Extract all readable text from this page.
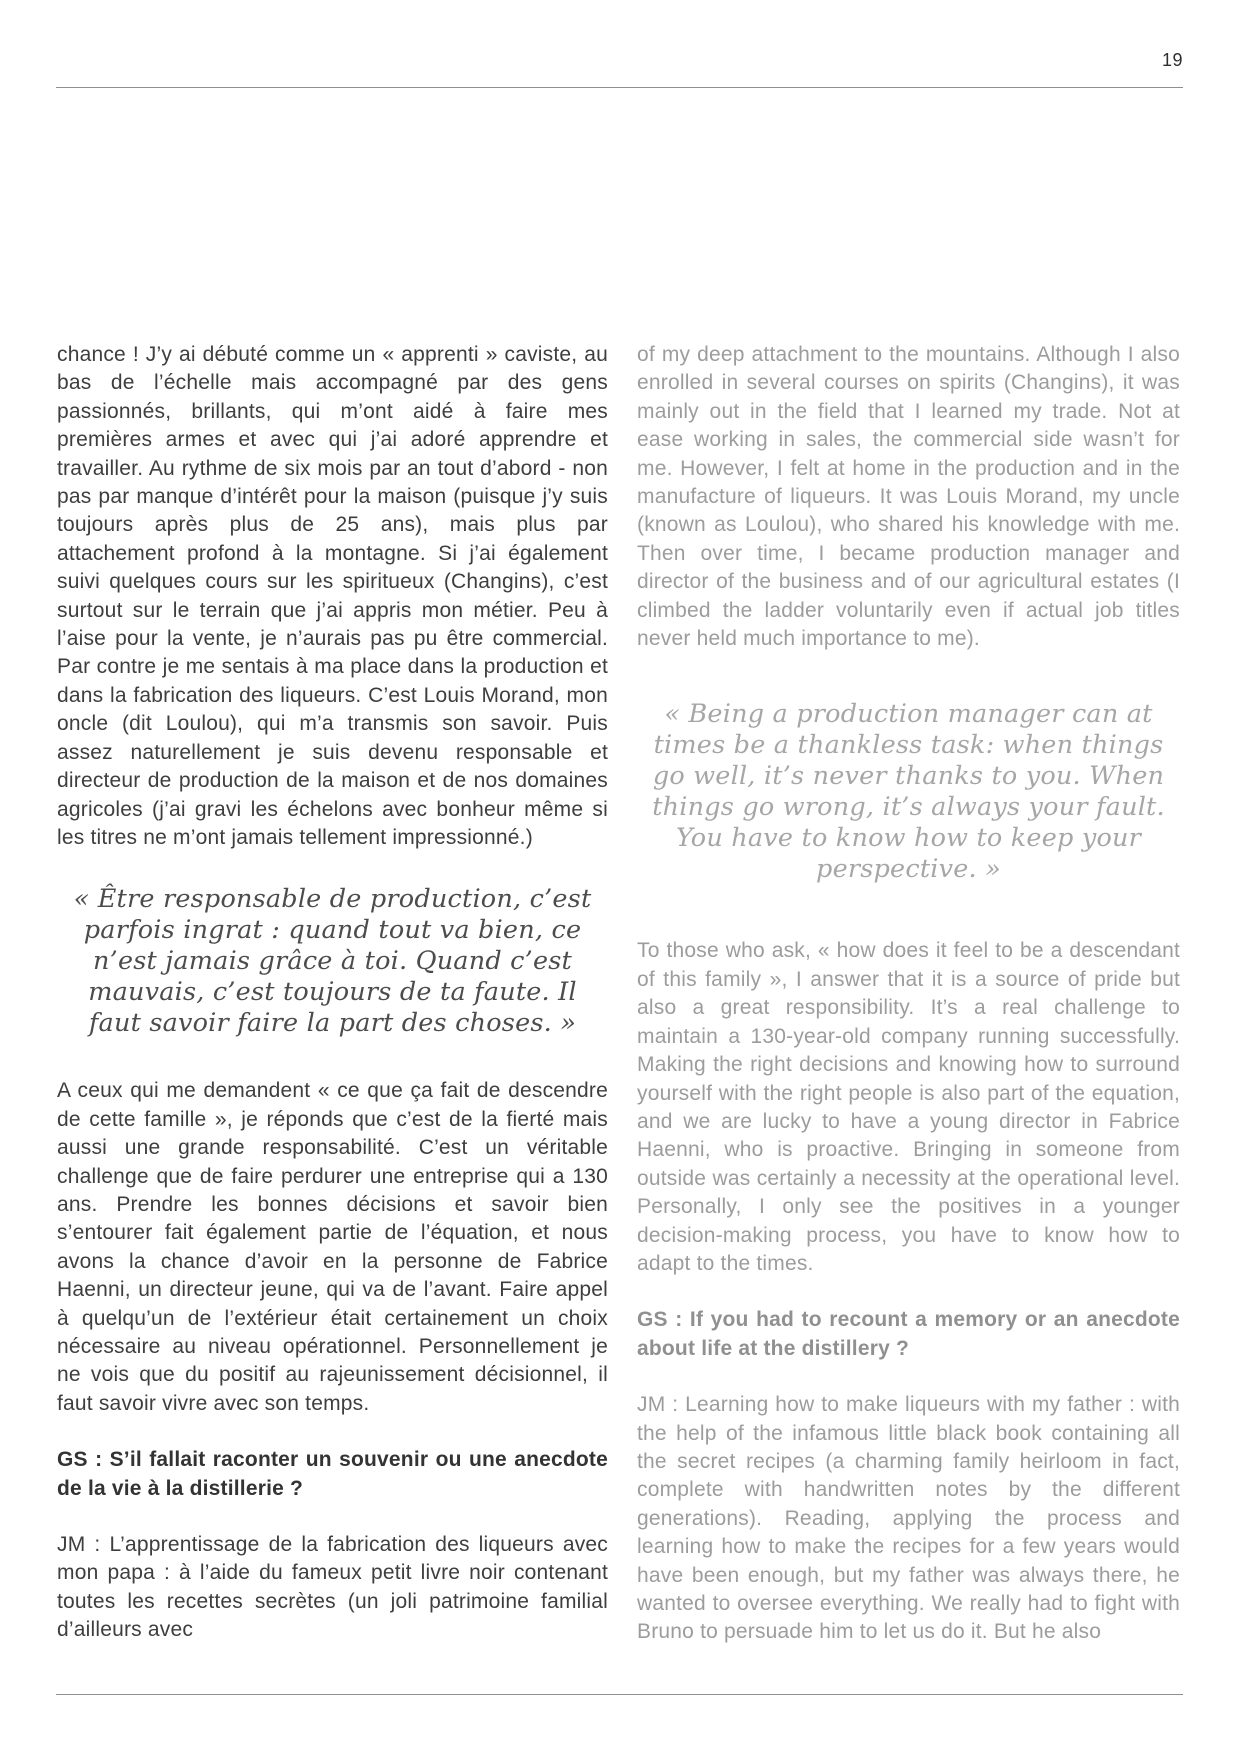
19

chance ! J’y ai débuté comme un « apprenti » caviste, au bas de l’échelle mais accompagné par des gens passionnés, brillants, qui m’ont aidé à faire mes premières armes et avec qui j’ai adoré apprendre et travailler. Au rythme de six mois par an tout d’abord - non pas par manque d’intérêt pour la maison (puisque j’y suis toujours après plus de 25 ans), mais plus par attachement profond à la montagne. Si j’ai également suivi quelques cours sur les spiritueux (Changins), c’est surtout sur le terrain que j’ai appris mon métier. Peu à l’aise pour la vente, je n’aurais pas pu être commercial. Par contre je me sentais à ma place dans la production et dans la fabrication des liqueurs. C’est Louis Morand, mon oncle (dit Loulou), qui m’a transmis son savoir. Puis assez naturellement je suis devenu responsable et directeur de production de la maison et de nos domaines agricoles (j’ai gravi les échelons avec bonheur même si les titres ne m’ont jamais tellement impressionné.)

« Être responsable de production, c’est parfois ingrat : quand tout va bien, ce n’est jamais grâce à toi. Quand c’est mauvais, c’est toujours de ta faute. Il faut savoir faire la part des choses. »

A ceux qui me demandent « ce que ça fait de descendre de cette famille », je réponds que c’est de la fierté mais aussi une grande responsabilité. C’est un véritable challenge que de faire perdurer une entreprise qui a 130 ans. Prendre les bonnes décisions et savoir bien s’entourer fait également partie de l’équation, et nous avons la chance d’avoir en la personne de Fabrice Haenni, un directeur jeune, qui va de l’avant. Faire appel à quelqu’un de l’extérieur était certainement un choix nécessaire au niveau opérationnel. Personnellement je ne vois que du positif au rajeunissement décisionnel, il faut savoir vivre avec son temps.

GS : S’il fallait raconter un souvenir ou une anecdote de la vie à la distillerie ?

JM : L’apprentissage de la fabrication des liqueurs avec mon papa : à l’aide du fameux petit livre noir contenant toutes les recettes secrètes (un joli patrimoine familial d’ailleurs avec

of my deep attachment to the mountains. Although I also enrolled in several courses on spirits (Changins), it was mainly out in the field that I learned my trade. Not at ease working in sales, the commercial side wasn’t for me. However, I felt at home in the production and in the manufacture of liqueurs. It was Louis Morand, my uncle (known as Loulou), who shared his knowledge with me. Then over time, I became production manager and director of the business and of our agricultural estates (I climbed the ladder voluntarily even if actual job titles never held much importance to me).

« Being a production manager can at times be a thankless task: when things go well, it’s never thanks to you. When things go wrong, it’s always your fault. You have to know how to keep your perspective. »

To those who ask, « how does it feel to be a descendant of this family », I answer that it is a source of pride but also a great responsibility. It’s a real challenge to maintain a 130-year-old company running successfully. Making the right decisions and knowing how to surround yourself with the right people is also part of the equation, and we are lucky to have a young director in Fabrice Haenni, who is proactive. Bringing in someone from outside was certainly a necessity at the operational level. Personally, I only see the positives in a younger decision-making process, you have to know how to adapt to the times.

GS : If you had to recount a memory or an anecdote about life at the distillery ?

JM : Learning how to make liqueurs with my father : with the help of the infamous little black book containing all the secret recipes (a charming family heirloom in fact, complete with handwritten notes by the different generations). Reading, applying the process and learning how to make the recipes for a few years would have been enough, but my father was always there, he wanted to oversee everything. We really had to fight with Bruno to persuade him to let us do it. But he also
